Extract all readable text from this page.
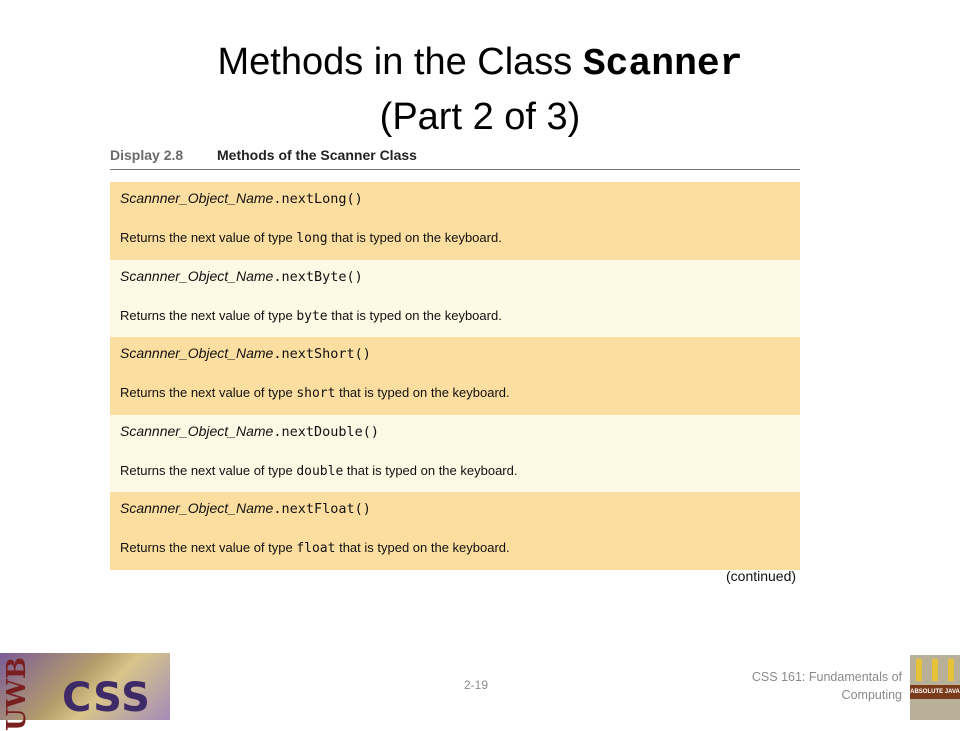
Methods in the Class Scanner
(Part 2 of 3)
Display 2.8 Methods of the Scanner Class
Scannner_Object_Name.nextLong()
Returns the next value of type long that is typed on the keyboard.
Scannner_Object_Name.nextByte()
Returns the next value of type byte that is typed on the keyboard.
Scannner_Object_Name.nextShort()
Returns the next value of type short that is typed on the keyboard.
Scannner_Object_Name.nextDouble()
Returns the next value of type double that is typed on the keyboard.
Scannner_Object_Name.nextFloat()
Returns the next value of type float that is typed on the keyboard.
(continued)
UWB CSS	2-19
CSS 161: Fundamentals of Computing ABSOLUTE JAVA
